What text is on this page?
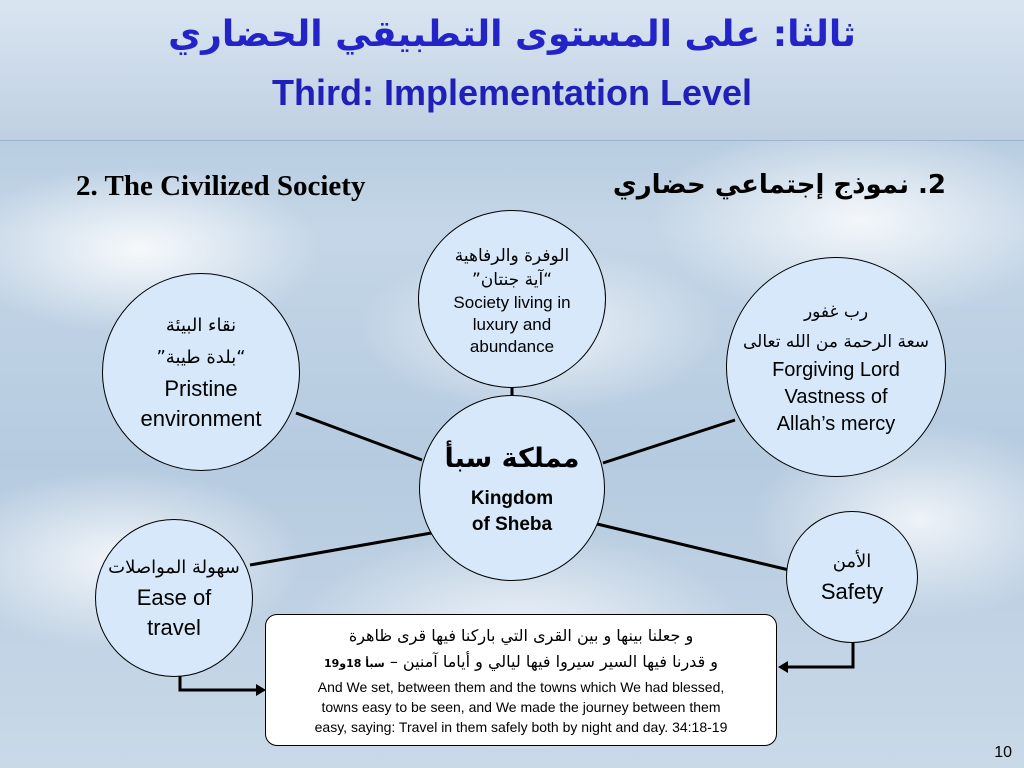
ثالثا: على المستوى التطبيقي الحضاري
Third: Implementation Level
2. The Civilized Society	2. نموذج إجتماعي حضاري
الوفرة والرفاهية
“آية جنتان”
Society living in
luxury and
abundance
نقاء البيئة
“بلدة طيبة”
Pristine
environment
رب غفور
سعة الرحمة من الله تعالى
Forgiving Lord
Vastness of
Allah’s mercy
مملكة سبأ
Kingdom
of Sheba
سهولة المواصلات
Ease of
travel
الأمن
Safety
و جعلنا بينها و بين القرى التي باركنا فيها قرى ظاهرة
و قدرنا فيها السير سيروا فيها ليالي و أياما آمنين – سبأ 18و19
And We set, between them and the towns which We had blessed,
towns easy to be seen, and We made the journey between them
easy, saying: Travel in them safely both by night and day. 34:18-19
10
